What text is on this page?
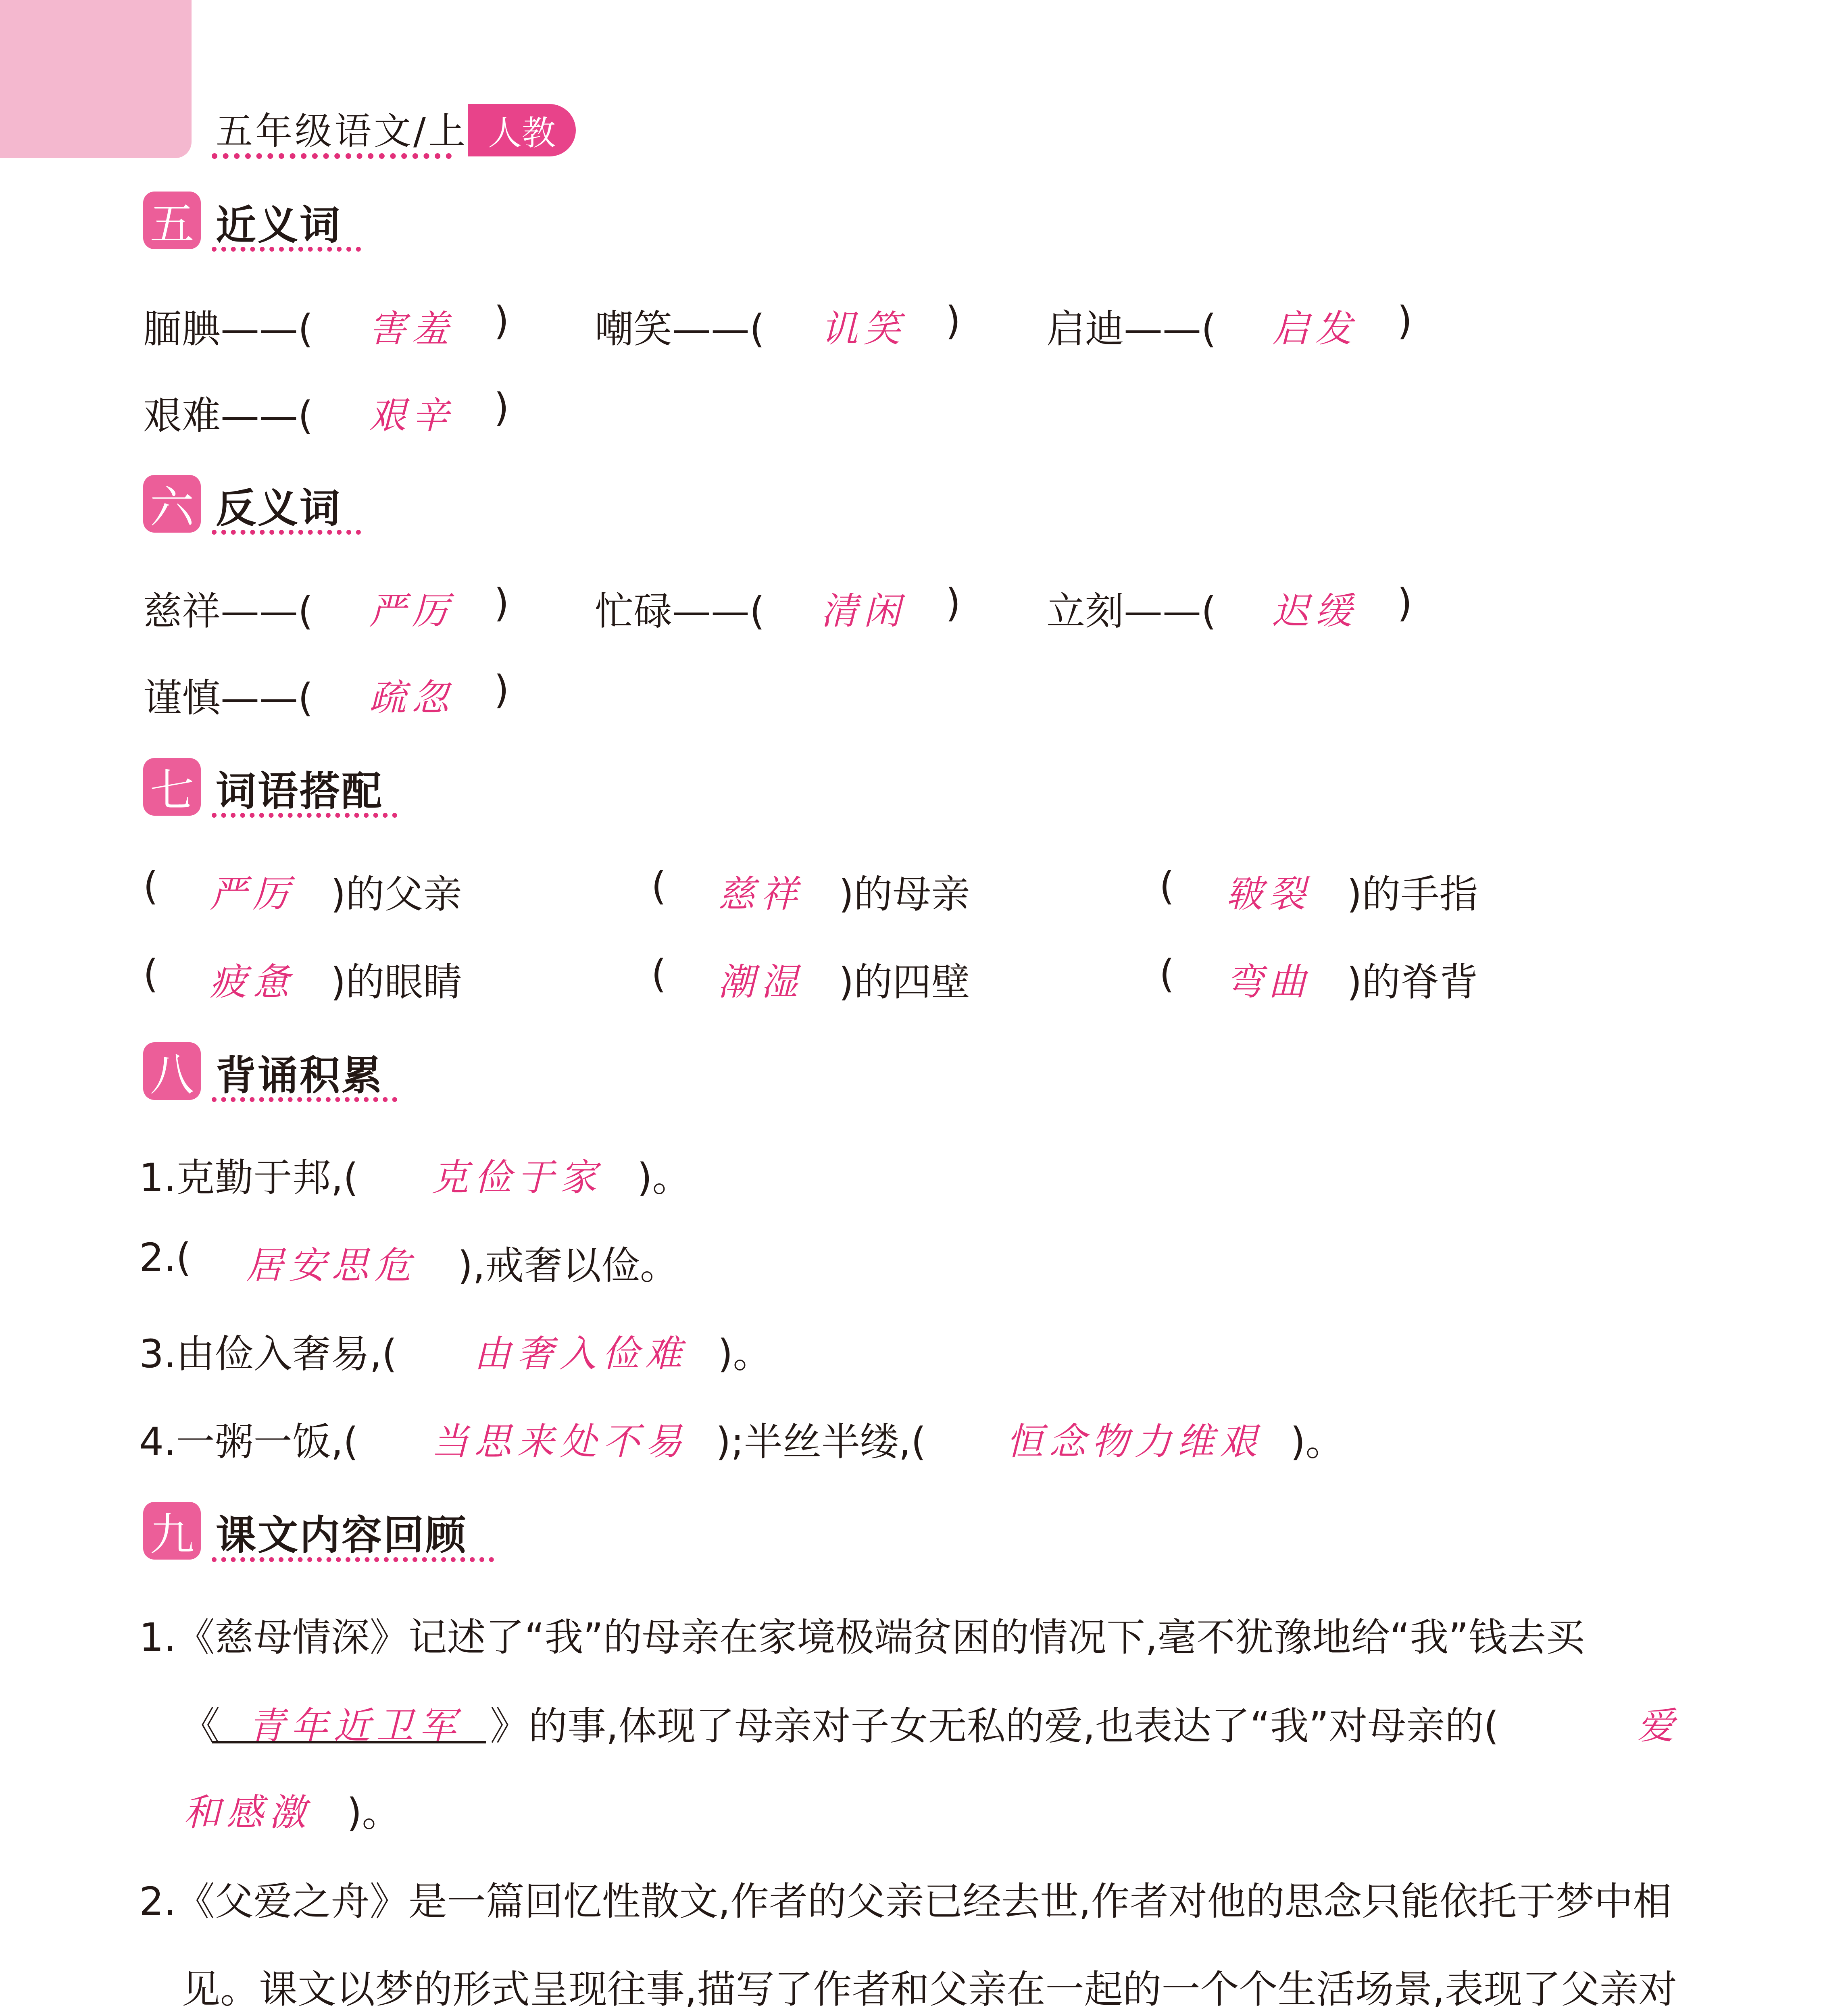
五年级语文/上 人教
五 近义词
腼腆——( 害羞 ) 嘲笑——( 讥笑 ) 启迪——( 启发 )
艰难——( 艰辛 )
六 反义词
慈祥——( 严厉 ) 忙碌——( 清闲 ) 立刻——( 迟缓 )
谨慎——( 疏忽 )
七 词语搭配
( 严厉 )的父亲	( 慈祥 )的母亲	( 皲裂 )的手指
( 疲惫 )的眼睛	( 潮湿 )的四壁	( 弯曲 )的脊背
八 背诵积累
1.克勤于邦,( 克俭于家 )。
2.( 居安思危 ),戒奢以俭。
3.由俭入奢易,( 由奢入俭难 )。
4.一粥一饭,( 当思来处不易 );半丝半缕,( 恒念物力维艰 )。
九 课文内容回顾
1.《慈母情深》记述了“我”的母亲在家境极端贫困的情况下,毫不犹豫地给“我”钱去买
《 青年近卫军 》的事,体现了母亲对子女无私的爱,也表达了“我”对母亲的(	爱
和感激 )。
2.《父爱之舟》是一篇回忆性散文,作者的父亲已经去世,作者对他的思念只能依托于梦中相
见。课文以梦的形式呈现往事,描写了作者和父亲在一起的一个个生活场景,表现了父亲对
